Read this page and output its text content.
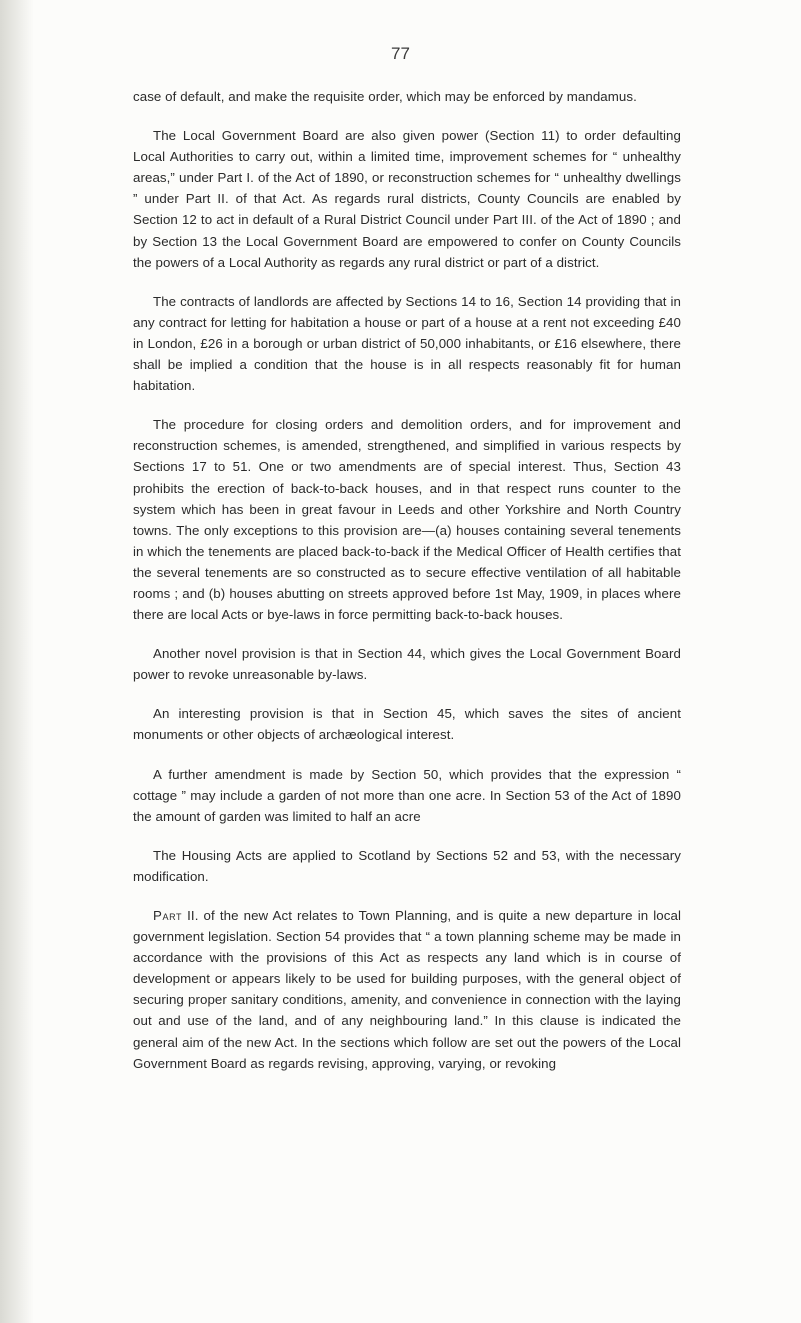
77

case of default, and make the requisite order, which may be enforced by mandamus.

The Local Government Board are also given power (Section 11) to order defaulting Local Authorities to carry out, within a limited time, improvement schemes for “ unhealthy areas,” under Part I. of the Act of 1890, or reconstruction schemes for “ unhealthy dwellings ” under Part II. of that Act. As regards rural districts, County Councils are enabled by Section 12 to act in default of a Rural District Council under Part III. of the Act of 1890 ; and by Section 13 the Local Government Board are empowered to confer on County Councils the powers of a Local Authority as regards any rural district or part of a district.

The contracts of landlords are affected by Sections 14 to 16, Section 14 providing that in any contract for letting for habitation a house or part of a house at a rent not exceeding £40 in London, £26 in a borough or urban district of 50,000 inhabitants, or £16 elsewhere, there shall be implied a condition that the house is in all respects reasonably fit for human habitation.

The procedure for closing orders and demolition orders, and for improvement and reconstruction schemes, is amended, strengthened, and simplified in various respects by Sections 17 to 51. One or two amendments are of special interest. Thus, Section 43 prohibits the erection of back-to-back houses, and in that respect runs counter to the system which has been in great favour in Leeds and other Yorkshire and North Country towns. The only exceptions to this provision are—(a) houses containing several tenements in which the tenements are placed back-to-back if the Medical Officer of Health certifies that the several tenements are so constructed as to secure effective ventilation of all habitable rooms ; and (b) houses abutting on streets approved before 1st May, 1909, in places where there are local Acts or bye-laws in force permitting back-to-back houses.

Another novel provision is that in Section 44, which gives the Local Government Board power to revoke unreasonable by-laws.

An interesting provision is that in Section 45, which saves the sites of ancient monuments or other objects of archæological interest.

A further amendment is made by Section 50, which provides that the expression “ cottage ” may include a garden of not more than one acre. In Section 53 of the Act of 1890 the amount of garden was limited to half an acre

The Housing Acts are applied to Scotland by Sections 52 and 53, with the necessary modification.

Part II. of the new Act relates to Town Planning, and is quite a new departure in local government legislation. Section 54 provides that “ a town planning scheme may be made in accordance with the provisions of this Act as respects any land which is in course of development or appears likely to be used for building purposes, with the general object of securing proper sanitary conditions, amenity, and convenience in connection with the laying out and use of the land, and of any neighbouring land.” In this clause is indicated the general aim of the new Act. In the sections which follow are set out the powers of the Local Government Board as regards revising, approving, varying, or revoking
